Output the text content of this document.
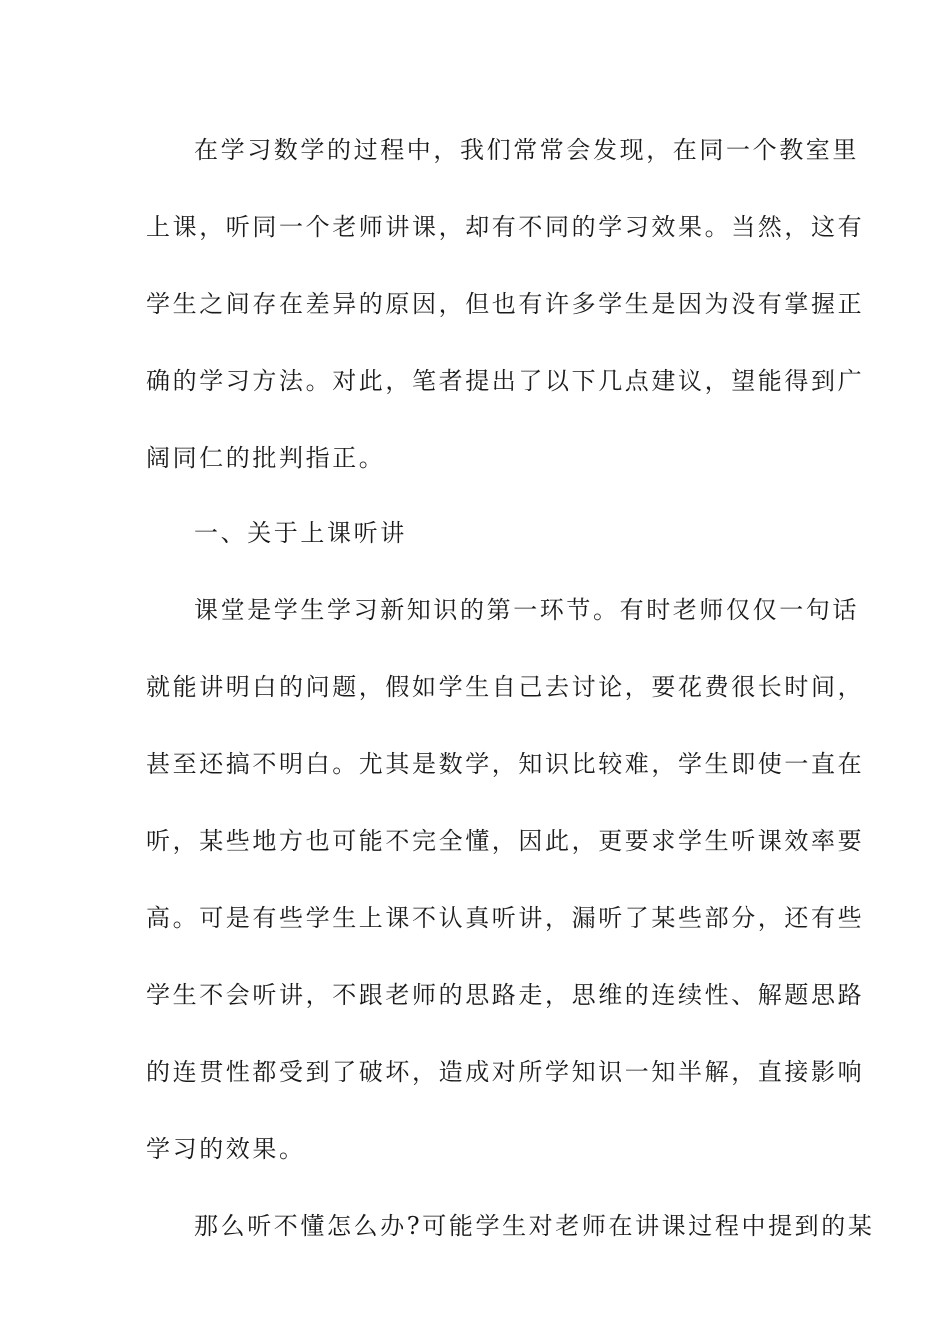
在学习数学的过程中，我们常常会发现，在同一个教室里
上课，听同一个老师讲课，却有不同的学习效果。当然，这有
学生之间存在差异的原因，但也有许多学生是因为没有掌握正
确的学习方法。对此，笔者提出了以下几点建议，望能得到广
阔同仁的批判指正。
一、关于上课听讲
课堂是学生学习新知识的第一环节。有时老师仅仅一句话
就能讲明白的问题，假如学生自己去讨论，要花费很长时间，
甚至还搞不明白。尤其是数学，知识比较难，学生即使一直在
听，某些地方也可能不完全懂，因此，更要求学生听课效率要
高。可是有些学生上课不认真听讲，漏听了某些部分，还有些
学生不会听讲，不跟老师的思路走，思维的连续性、解题思路
的连贯性都受到了破坏，造成对所学知识一知半解，直接影响
学习的效果。
那么听不懂怎么办?可能学生对老师在讲课过程中提到的某
